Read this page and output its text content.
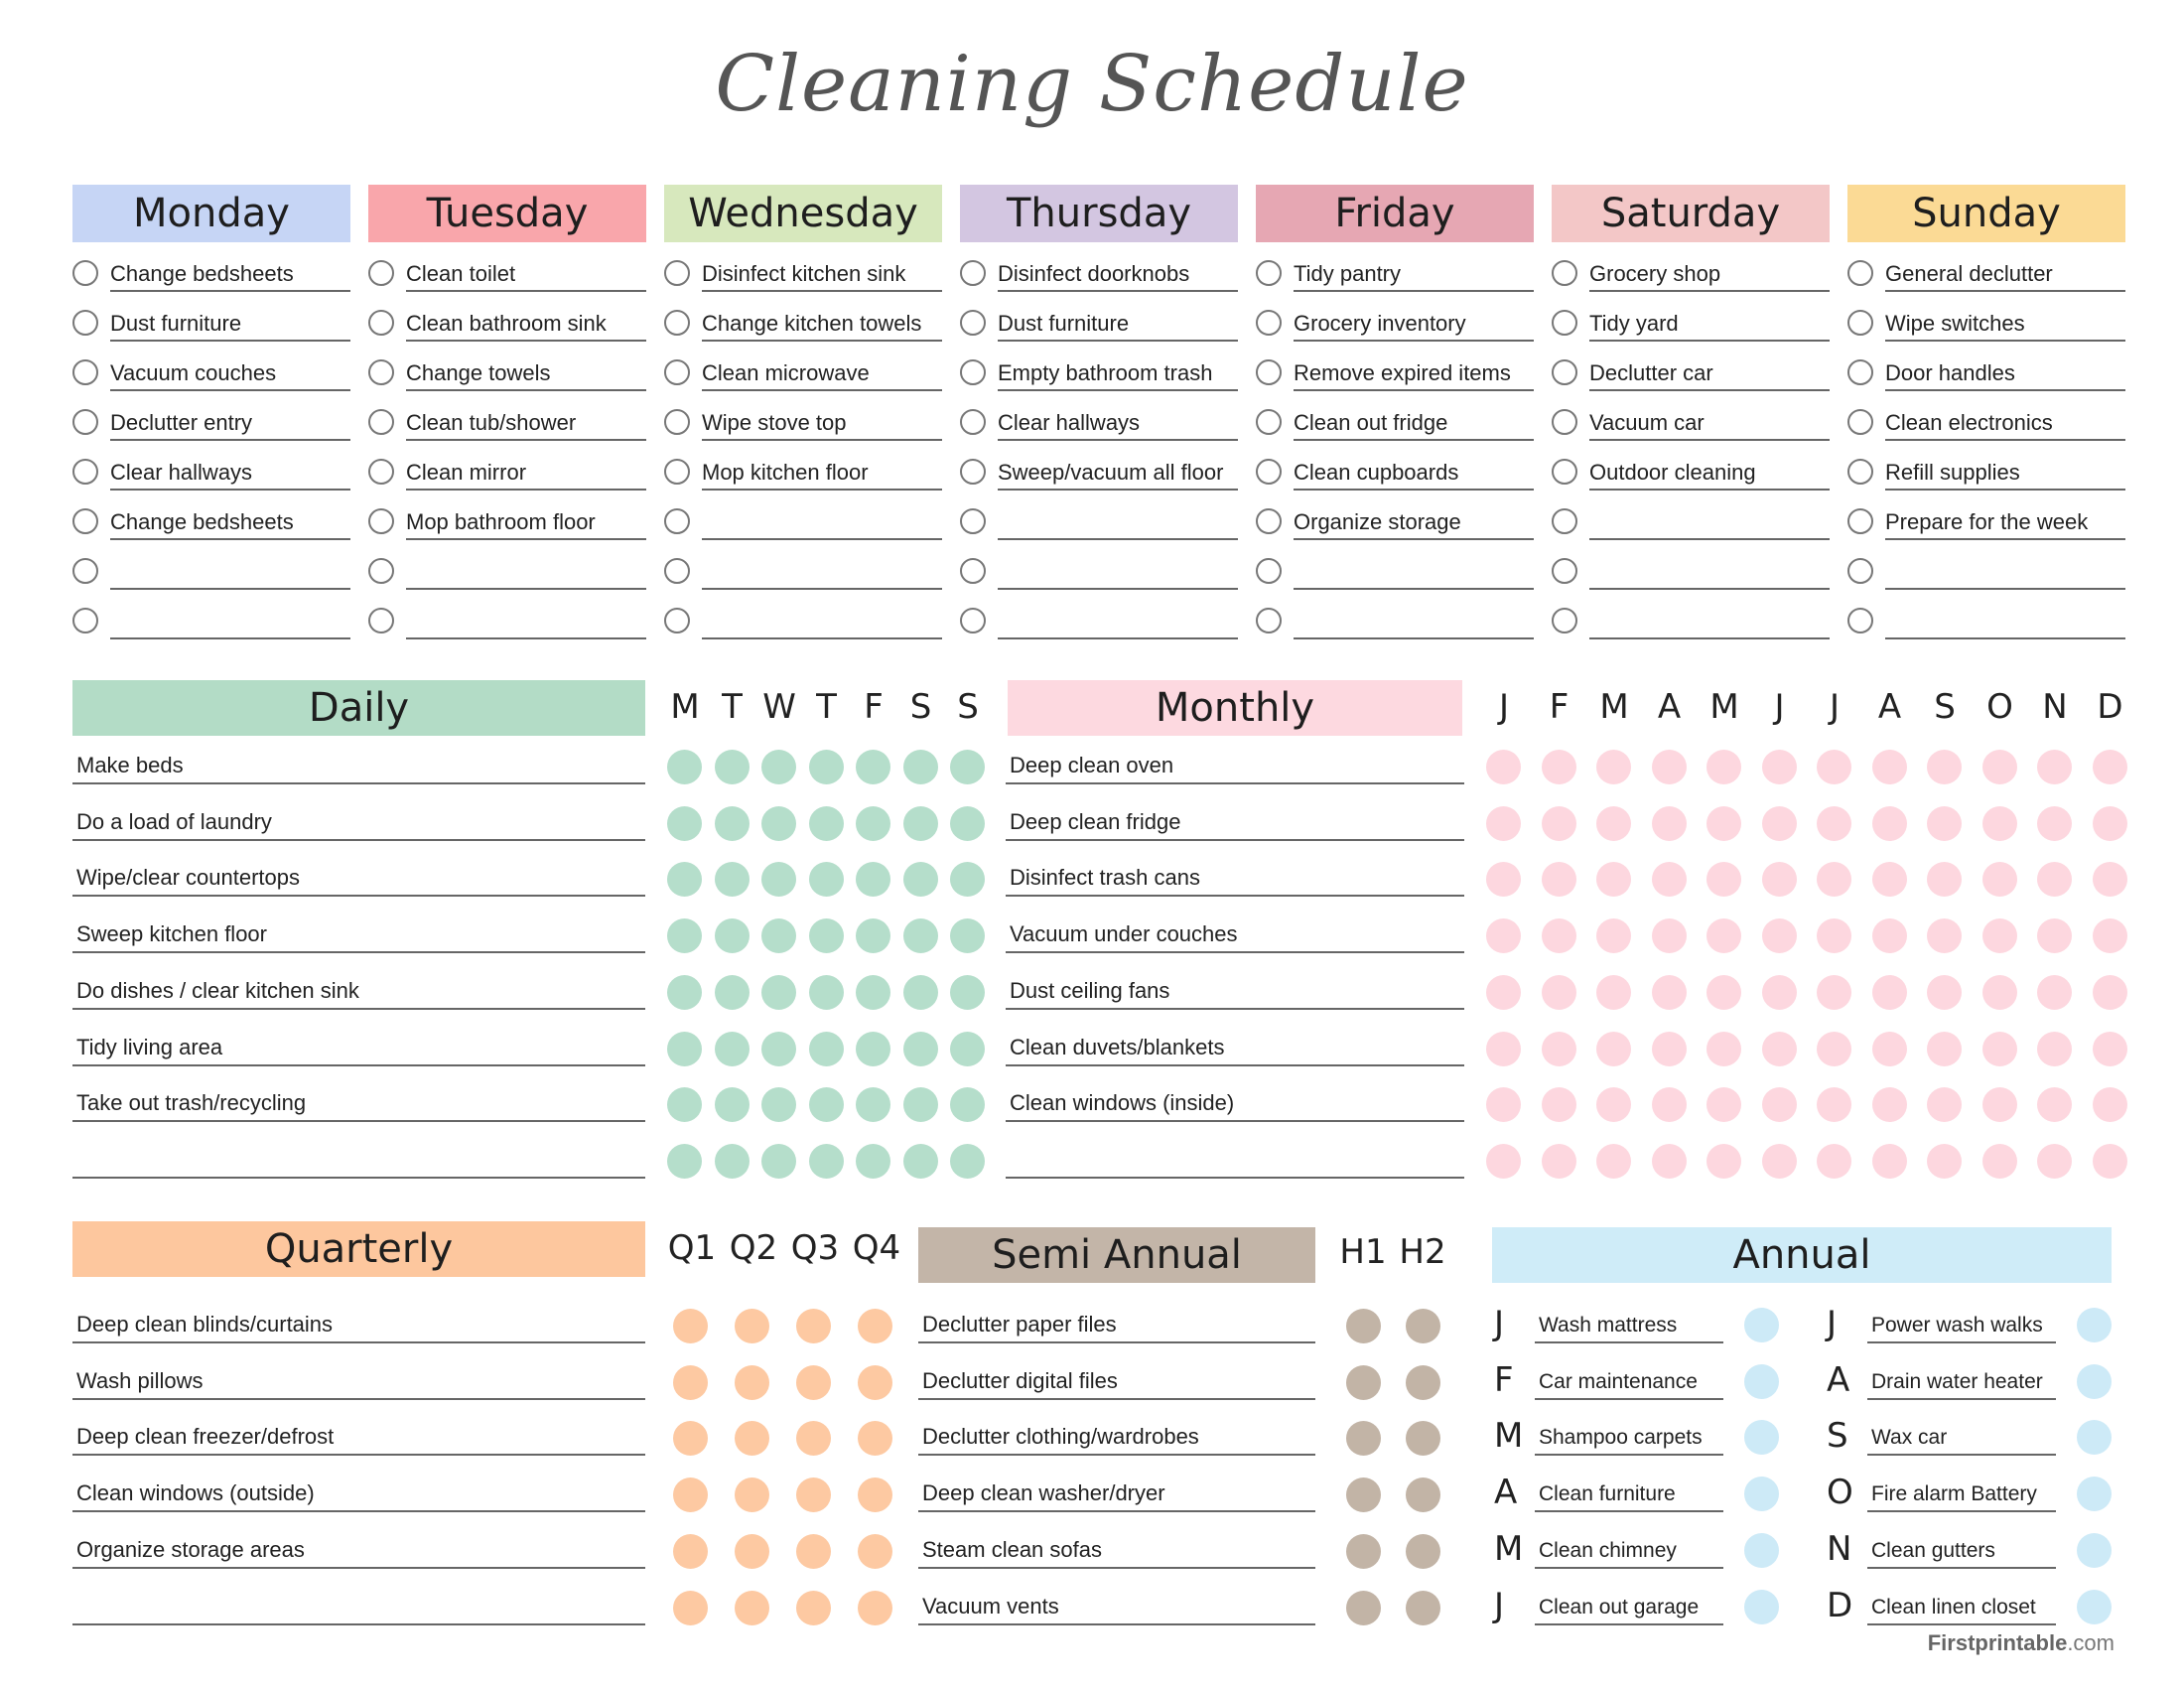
Cleaning Schedule
Monday
Change bedsheets
Dust furniture
Vacuum couches
Declutter entry
Clear hallways
Change bedsheets
Tuesday
Clean toilet
Clean bathroom sink
Change towels
Clean tub/shower
Clean mirror
Mop bathroom floor
Wednesday
Disinfect kitchen sink
Change kitchen towels
Clean microwave
Wipe stove top
Mop kitchen floor
Thursday
Disinfect doorknobs
Dust furniture
Empty bathroom trash
Clear hallways
Sweep/vacuum all floor
Friday
Tidy pantry
Grocery inventory
Remove expired items
Clean out fridge
Clean cupboards
Organize storage
Saturday
Grocery shop
Tidy yard
Declutter car
Vacuum car
Outdoor cleaning
Sunday
General declutter
Wipe switches
Door handles
Clean electronics
Refill supplies
Prepare for the week
Daily	M T W T F S S
Make beds
Do a load of laundry
Wipe/clear countertops
Sweep kitchen floor
Do dishes / clear kitchen sink
Tidy living area
Take out trash/recycling
Monthly	J	F M A M	J	J	A S O N D
Deep clean oven
Deep clean fridge
Disinfect trash cans
Vacuum under couches
Dust ceiling fans
Clean duvets/blankets
Clean windows (inside)
Quarterly	Q1 Q2 Q3 Q4
Deep clean blinds/curtains
Wash pillows
Deep clean freezer/defrost
Clean windows (outside)
Organize storage areas
Semi Annual	H1 H2
Declutter paper files
Declutter digital files
Declutter clothing/wardrobes
Deep clean washer/dryer
Steam clean sofas
Vacuum vents
Annual
J Wash mattress
F Car maintenance
M Shampoo carpets
A Clean furniture
M Clean chimney
J Clean out garage
J Power wash walks
A Drain water heater
S Wax car
O Fire alarm Battery
N Clean gutters
D Clean linen closet
Firstprintable.com
